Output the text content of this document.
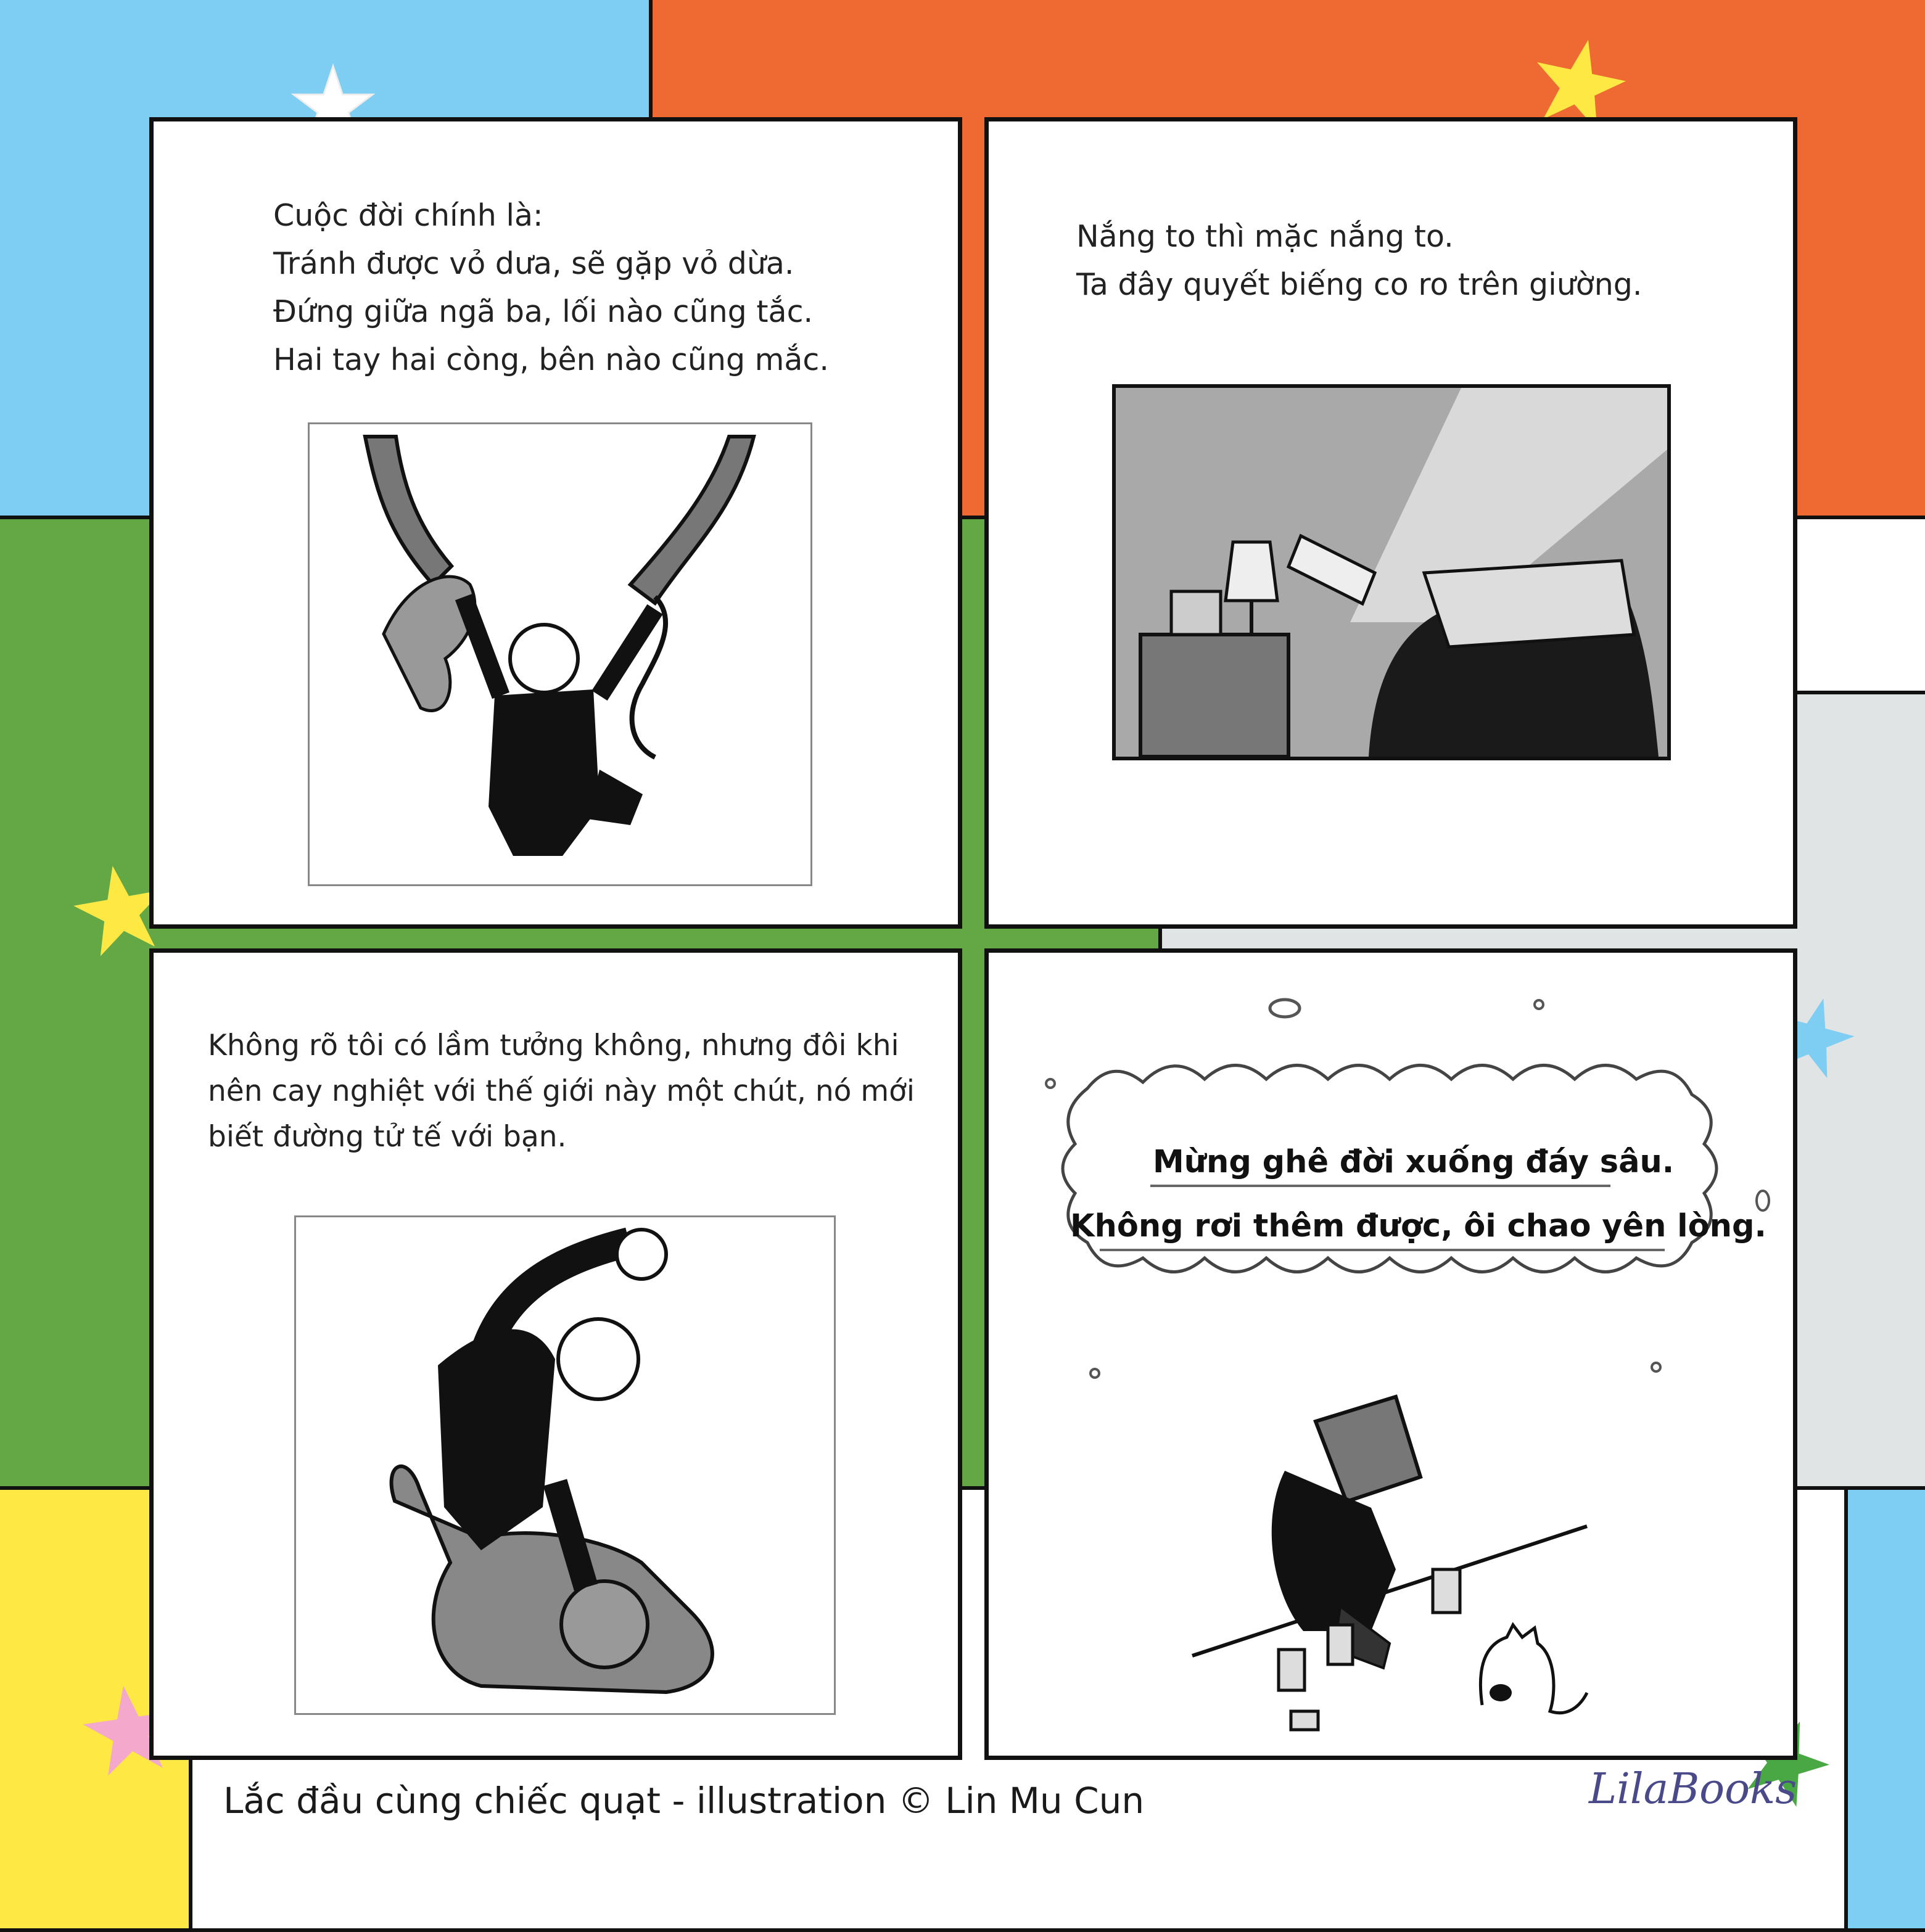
Cuộc đời chính là:
Tránh được vỏ dưa, sẽ gặp vỏ dừa.
Đứng giữa ngã ba, lối nào cũng tắc.
Hai tay hai còng, bên nào cũng mắc.
Nắng to thì mặc nắng to.
Ta đây quyết biếng co ro trên giường.
Không rõ tôi có lầm tưởng không, nhưng đôi khi
nên cay nghiệt với thế giới này một chút, nó mới
biết đường tử tế với bạn.
Mừng ghê đời xuống đáy sâu.
Không rơi thêm được, ôi chao yên lòng.
Lắc đầu cùng chiếc quạt - illustration © Lin Mu Cun	LilaBooks
